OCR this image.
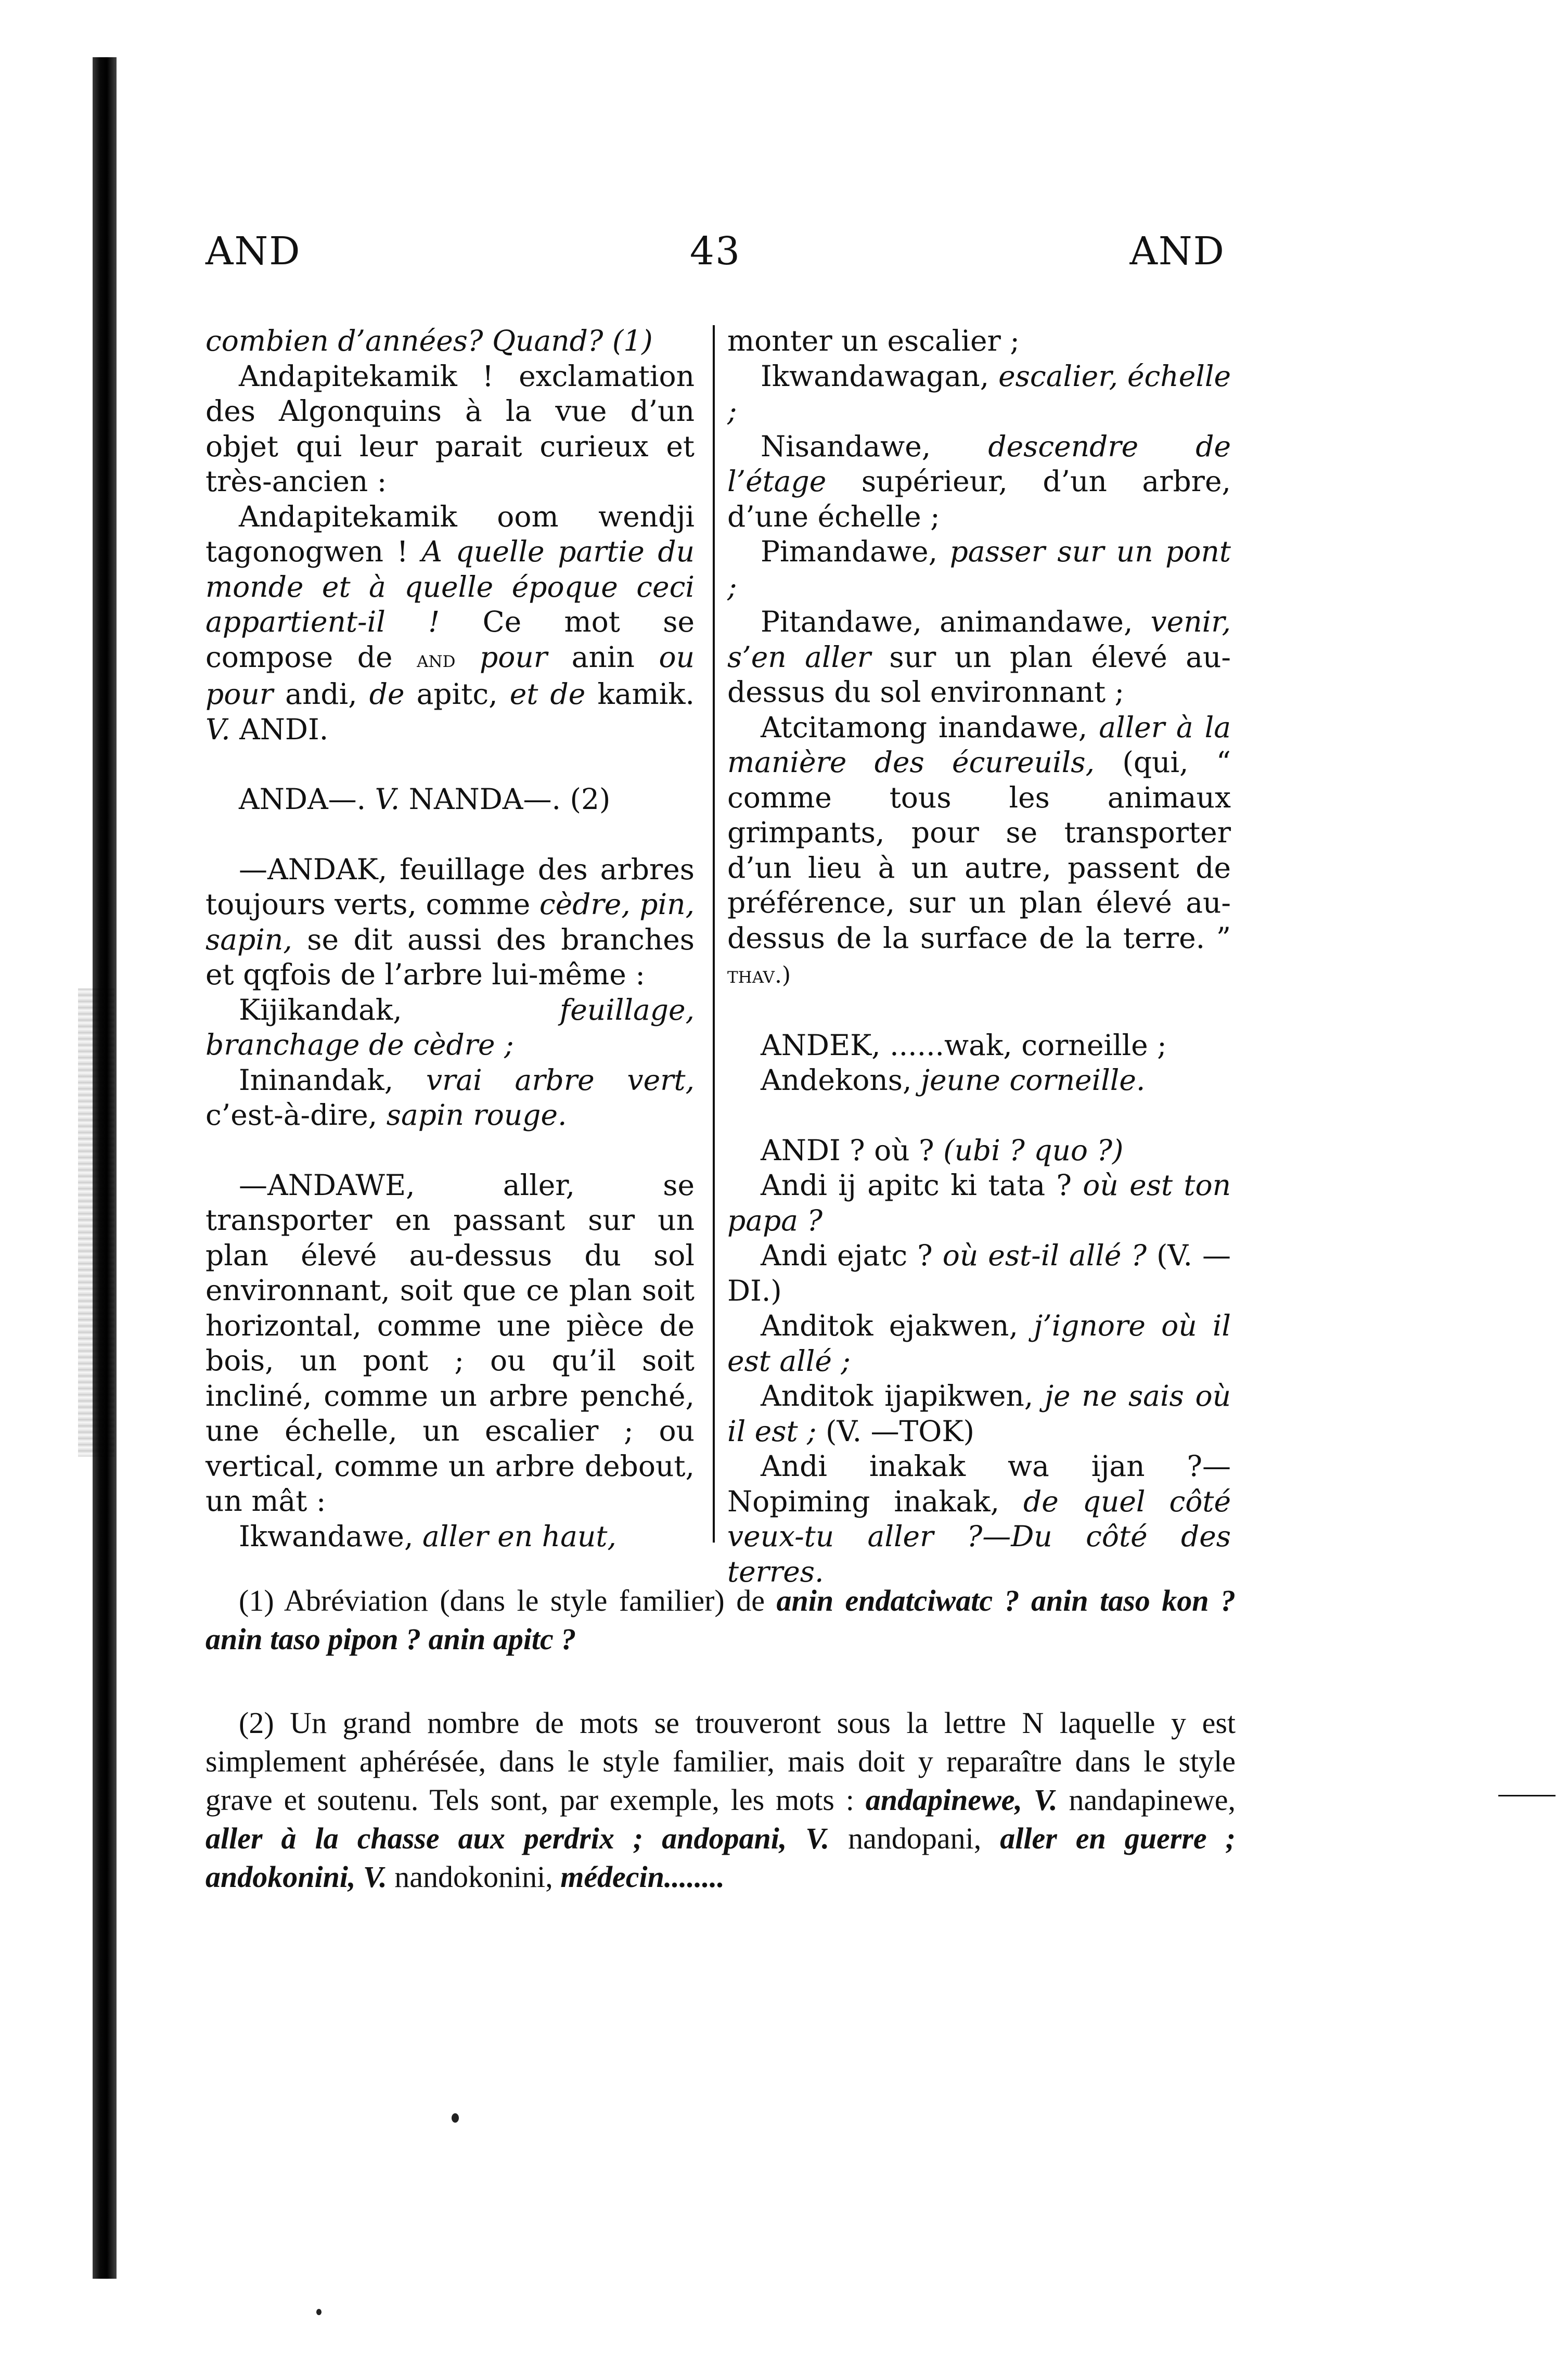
AND	43	AND

combien d’années? Quand? (1)

Andapitekamik ! exclamation des Algonquins à la vue d’un objet qui leur parait curieux et très-ancien :

Andapitekamik oom wendji tagonogwen ! A quelle partie du monde et à quelle époque ceci appartient-il ! Ce mot se compose de and pour anin ou pour andi, de apitc, et de kamik. V. ANDI.

ANDA—. V. NANDA—. (2)

—ANDAK, feuillage des arbres toujours verts, comme cèdre, pin, sapin, se dit aussi des branches et qqfois de l’arbre lui-même :

Kijikandak,	feuillage, branchage de cèdre ;

Ininandak, vrai arbre vert, c’est-à-dire, sapin rouge.

—ANDAWE, aller, se transporter en passant sur un plan élevé au-dessus du sol environnant, soit que ce plan soit horizontal, comme une pièce de bois, un pont ; ou qu’il soit incliné, comme un arbre penché, une échelle, un escalier ; ou vertical, comme un arbre debout, un mât :

Ikwandawe, aller en haut,

monter un escalier ;

Ikwandawagan, escalier, échelle ;

Nisandawe, descendre de l’étage supérieur, d’un arbre, d’une échelle ;

Pimandawe, passer sur un pont ;

Pitandawe, animandawe, venir, s’en aller sur un plan élevé au-dessus du sol environnant ;

Atcitamong inandawe, aller à la manière des écureuils, (qui, “ comme tous les animaux grimpants, pour se transporter d’un lieu à un autre, passent de préférence, sur un plan élevé au-dessus de la surface de la terre. ” thav.)

ANDEK, ......wak, corneille ;

Andekons, jeune corneille.

ANDI ? où ? (ubi ? quo ?)

Andi ij apitc ki tata ? où est ton papa ?

Andi ejatc ? où est-il allé ? (V. —DI.)

Anditok ejakwen, j’ignore où il est allé ;

Anditok ijapikwen, je ne sais où il est ; (V. —TOK)

Andi inakak wa ijan ?—Nopiming inakak, de quel côté veux-tu aller ?—Du côté des terres.

(1) Abréviation (dans le style familier) de anin endatciwatc ? anin taso kon ? anin taso pipon ? anin apitc ?

(2) Un grand nombre de mots se trouveront sous la lettre N laquelle y est simplement aphérésée, dans le style familier, mais doit y reparaître dans le style grave et soutenu. Tels sont, par exemple, les mots : andapinewe, V. nandapinewe, aller à la chasse aux perdrix ; andopani, V. nandopani, aller en guerre ; andokonini, V. nandokonini, médecin........
